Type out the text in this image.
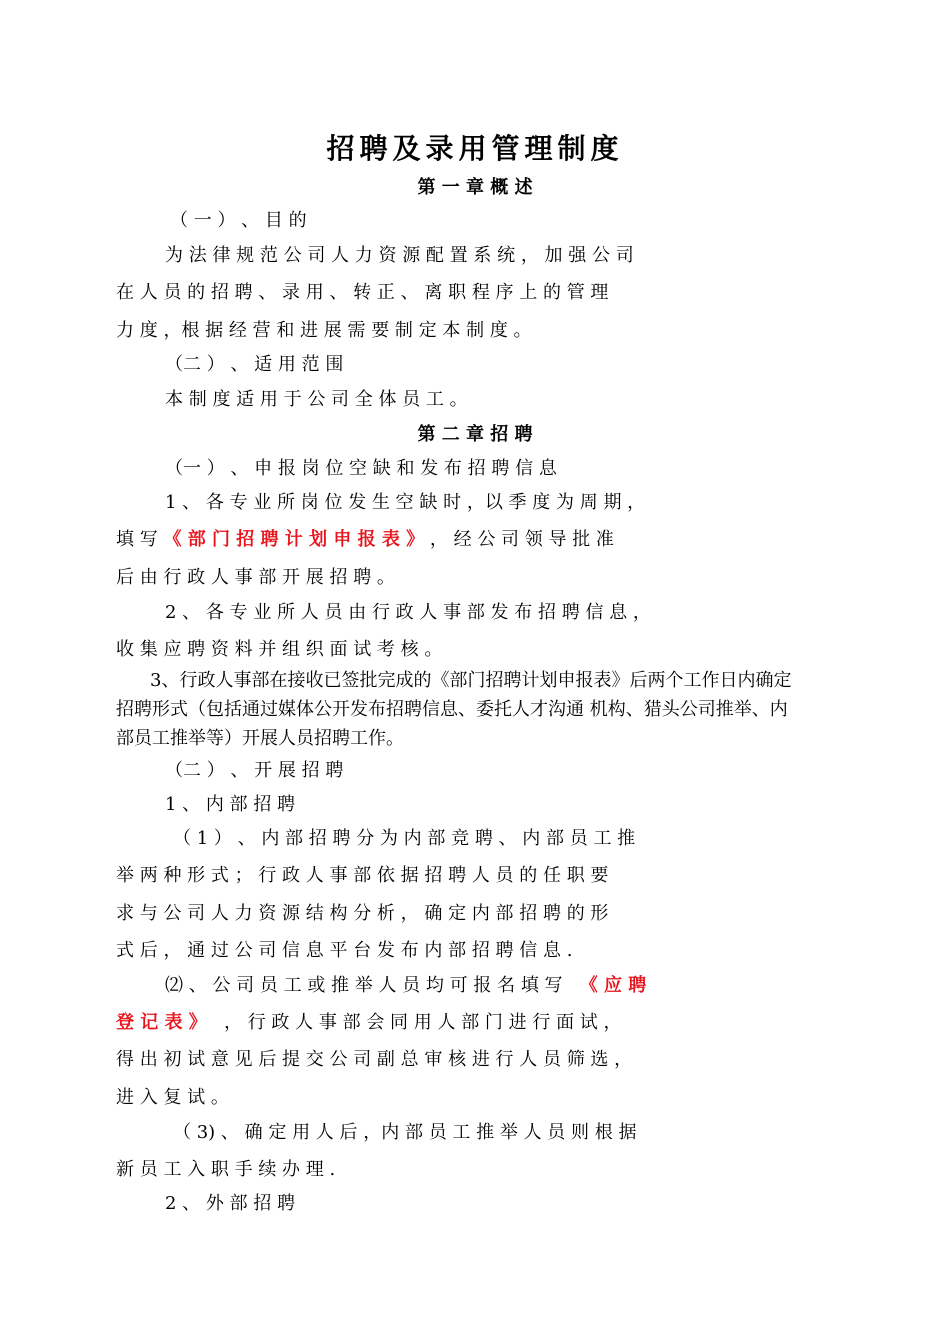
招聘及录用管理制度
第 一 章 概 述
（ 一 ） 、 目 的
为 法 律 规 范 公 司 人 力 资 源 配 置 系 统 ， 加 强 公 司
在 人 员 的 招 聘 、 录 用 、 转 正 、 离 职 程 序 上 的 管 理
力 度 ，根 据 经 营 和 进 展 需 要 制 定 本 制 度 。
（二 ） 、 适 用 范 围
本 制 度 适 用 于 公 司 全 体 员 工 。
第 二 章 招 聘
（一 ） 、 申 报 岗 位 空 缺 和 发 布 招 聘 信 息
1 、 各 专 业 所 岗 位 发 生 空 缺 时 ，以 季 度 为 周 期 ，
填 写 《 部 门 招 聘 计 划 申 报 表 》 ， 经 公 司 领 导 批 准
后 由 行 政 人 事 部 开 展 招 聘 。
2 、 各 专 业 所 人 员 由 行 政 人 事 部 发 布 招 聘 信 息 ，
收 集 应 聘 资 料 并 组 织 面 试 考 核 。
3、行政人事部在接收已签批完成的《部门招聘计划申报表》后两个工作日内确定
招聘形式（包括通过媒体公开发布招聘信息、委托人才沟通 机构、猎头公司推举、内
部员工推举等）开展人员招聘工作。
（二 ） 、 开 展 招 聘
1 、 内 部 招 聘
（ 1 ） 、 内 部 招 聘 分 为 内 部 竞 聘 、 内 部 员 工 推
举 两 种 形 式 ； 行 政 人 事 部 依 据 招 聘 人 员 的 任 职 要
求 与 公 司 人 力 资 源 结 构 分 析 ， 确 定 内 部 招 聘 的 形
式 后 ， 通 过 公 司 信 息 平 台 发 布 内 部 招 聘 信 息 .
⑵ 、 公 司 员 工 或 推 举 人 员 均 可 报 名 填 写 《 应 聘
登 记 表 》 ， 行 政 人 事 部 会 同 用 人 部 门 进 行 面 试 ，
得 出 初 试 意 见 后 提 交 公 司 副 总 审 核 进 行 人 员 筛 选 ，
进 入 复 试 。
（ 3) 、 确 定 用 人 后 ，内 部 员 工 推 举 人 员 则 根 据
新 员 工 入 职 手 续 办 理 .
2 、 外 部 招 聘
